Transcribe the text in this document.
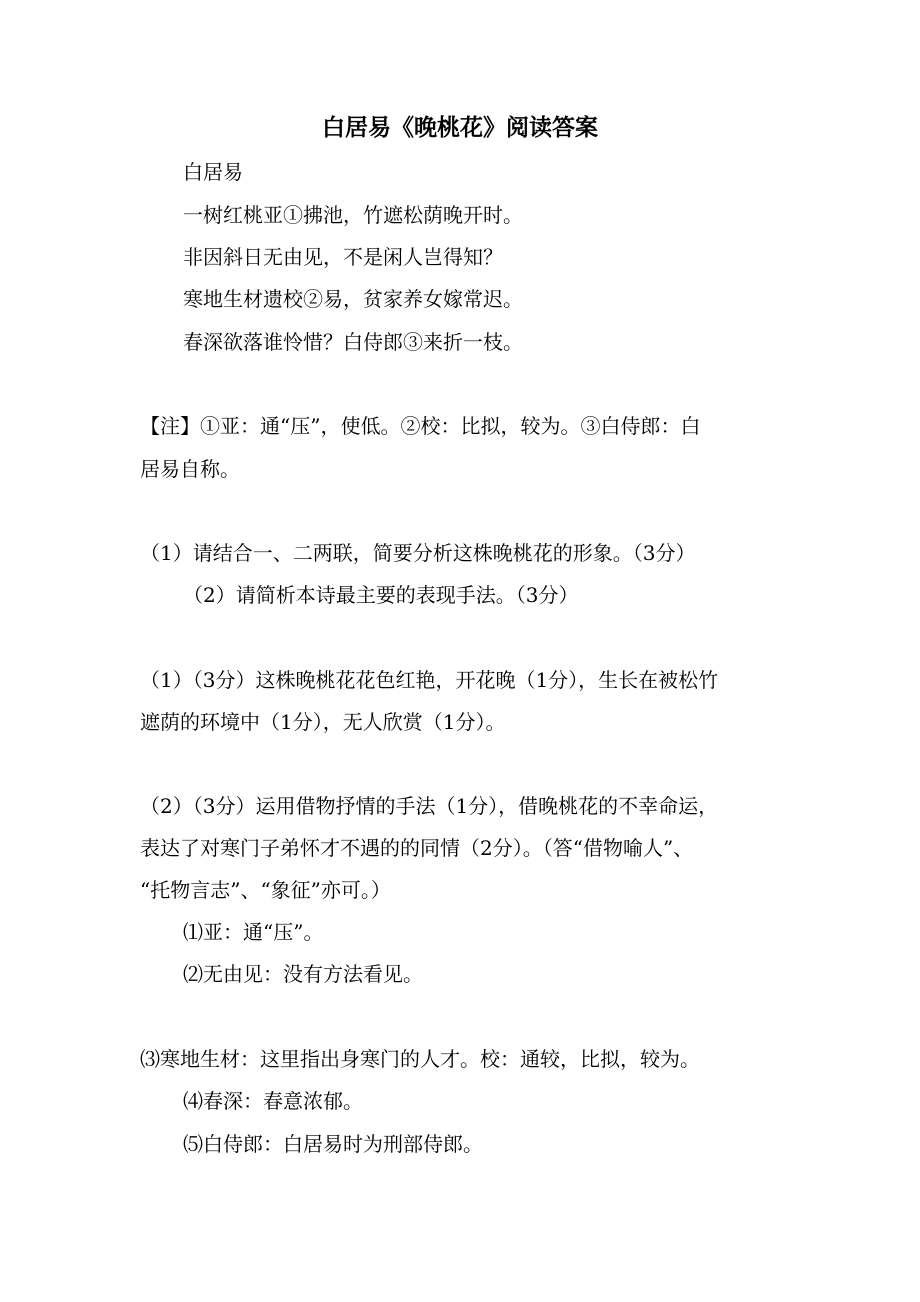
白居易《晚桃花》阅读答案

白居易

一树红桃亚①拂池，竹遮松荫晚开时。

非因斜日无由见，不是闲人岂得知？

寒地生材遗校②易，贫家养女嫁常迟。

春深欲落谁怜惜？白侍郎③来折一枝。

【注】①亚：通“压”，使低。②校：比拟，较为。③白侍郎：白

居易自称。

（1）请结合一、二两联，简要分析这株晚桃花的形象。（3分）

（2）请简析本诗最主要的表现手法。（3分）

（1）（3分）这株晚桃花花色红艳，开花晚（1分），生长在被松竹

遮荫的环境中（1分），无人欣赏（1分）。

（2）（3分）运用借物抒情的手法（1分），借晚桃花的不幸命运，

表达了对寒门子弟怀才不遇的的同情（2分）。（答“借物喻人”、

“托物言志”、“象征”亦可。）

⑴亚：通“压”。

⑵无由见：没有方法看见。

⑶寒地生材：这里指出身寒门的人才。校：通较，比拟，较为。

⑷春深：春意浓郁。

⑸白侍郎：白居易时为刑部侍郎。
